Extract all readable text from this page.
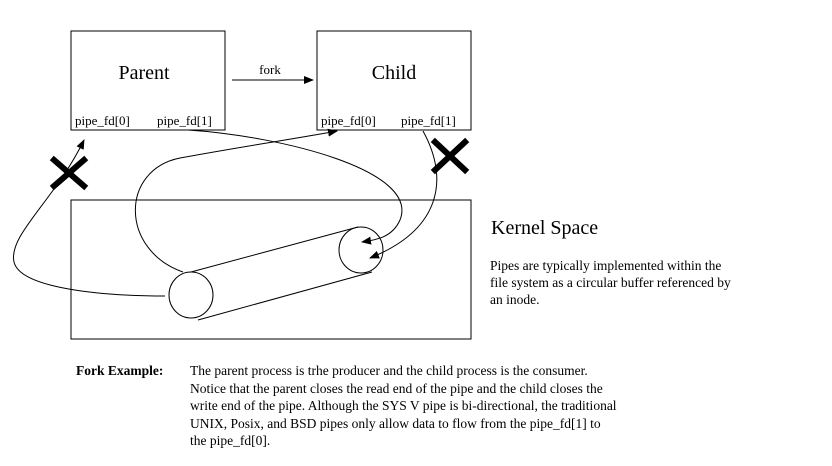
Parent
pipe_fd[0] pipe_fd[1]
Child
pipe_fd[0] pipe_fd[1]
fork
Kernel Space
Pipes are typically implemented within the
file system as a circular buffer referenced by
an inode.
Fork Example: The parent process is trhe producer and the child process is the consumer.
Notice that the parent closes the read end of the pipe and the child closes the
write end of the pipe. Although the SYS V pipe is bi-directional, the traditional
UNIX, Posix, and BSD pipes only allow data to flow from the pipe_fd[1] to
the pipe_fd[0].
